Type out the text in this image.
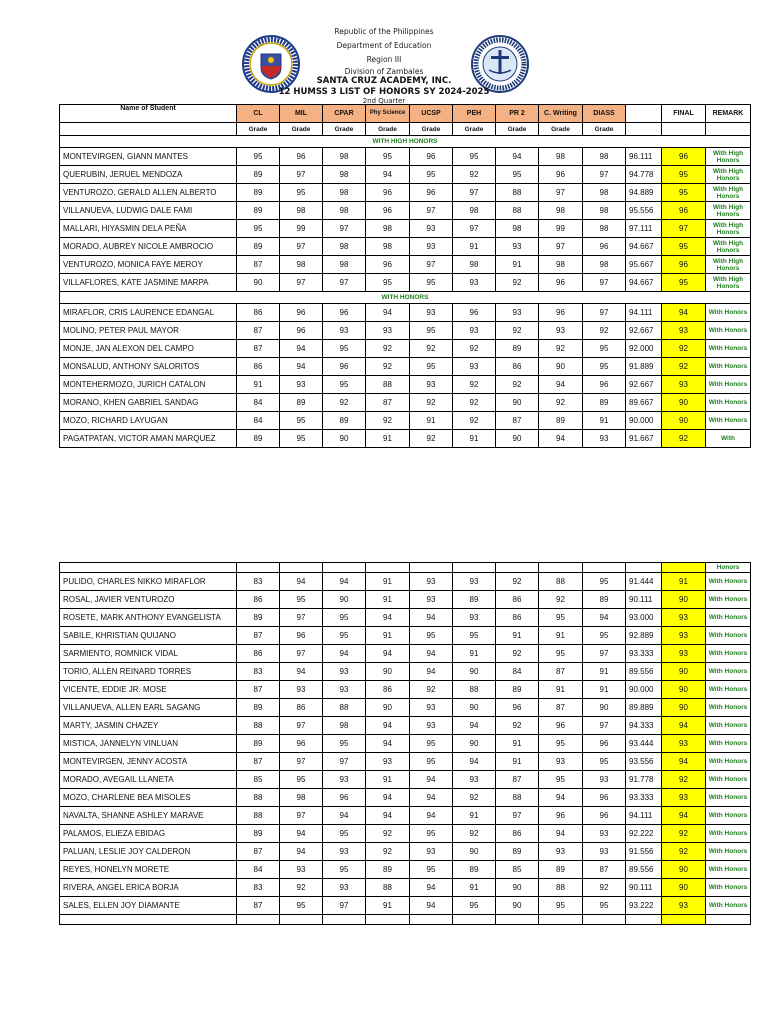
Republic of the Philippines
Department of Education
Region III
Division of Zambales
SANTA CRUZ ACADEMY, INC.
12 HUMSS 3 LIST OF HONORS SY 2024-2025
2nd Quarter
Name of Student	CL	MIL	CPAR	Phy Science	UCSP	PEH	PR 2	C. Writing	DIASS		FINAL	REMARK
	Grade	Grade	Grade	Grade	Grade	Grade	Grade	Grade	Grade			
WITH HIGH HONORS												
MONTEVIRGEN, GIANN MANTES	95	96	98	95	96	95	94	98	98	96.111	96	With High Honors
QUERUBIN, JERUEL MENDOZA	89	97	98	94	95	92	95	96	97	94.778	95	With High Honors
VENTUROZO, GERALD ALLEN ALBERTO	89	95	98	96	96	97	88	97	98	94.889	95	With High Honors
VILLANUEVA, LUDWIG DALE FAMI	89	98	98	96	97	98	88	98	98	95.556	96	With High Honors
MALLARI, HIYASMIN DELA PEÑA	95	99	97	98	93	97	98	99	98	97.111	97	With High Honors
MORADO, AUBREY NICOLE AMBROCIO	89	97	98	98	93	91	93	97	96	94.667	95	With High Honors
VENTUROZO, MONICA FAYE MEROY	87	98	98	96	97	98	91	98	98	95.667	96	With High Honors
VILLAFLORES, KATE JASMINE MARPA	90	97	97	95	95	93	92	96	97	94.667	95	With High Honors
WITH HONORS												
MIRAFLOR, CRIS LAURENCE EDANGAL	86	96	96	94	93	96	93	96	97	94.111	94	With Honors
MOLINO, PETER PAUL MAYOR	87	96	93	93	95	93	92	93	92	92.667	93	With Honors
MONJE, JAN ALEXON DEL CAMPO	87	94	95	92	92	92	89	92	95	92.000	92	With Honors
MONSALUD, ANTHONY SALORITOS	86	94	96	92	95	93	86	90	95	91.889	92	With Honors
MONTEHERMOZO, JURICH CATALON	91	93	95	88	93	92	92	94	96	92.667	93	With Honors
MORANO, KHEN GABRIEL SANDAG	84	89	92	87	92	92	90	92	89	89.667	90	With Honors
MOZO, RICHARD LAYUGAN	84	95	89	92	91	92	87	89	91	90.000	90	With Honors
PAGATPATAN, VICTOR AMAN MARQUEZ	89	95	90	91	92	91	90	94	93	91.667	92	With
												Honors
PULIDO, CHARLES NIKKO MIRAFLOR	83	94	94	91	93	93	92	88	95	91.444	91	With Honors
ROSAL, JAVIER VENTUROZO	86	95	90	91	93	89	86	92	89	90.111	90	With Honors
ROSETE, MARK ANTHONY EVANGELISTA	89	97	95	94	94	93	86	95	94	93.000	93	With Honors
SABILE, KHRISTIAN QUIJANO	87	96	95	91	95	95	91	91	95	92.889	93	With Honors
SARMIENTO, ROMNICK VIDAL	86	97	94	94	94	91	92	95	97	93.333	93	With Honors
TORIO, ALLEN REINARD TORRES	83	94	93	90	94	90	84	87	91	89.556	90	With Honors
VICENTE, EDDIE JR. MOSE	87	93	93	86	92	88	89	91	91	90.000	90	With Honors
VILLANUEVA, ALLEN EARL SAGANG	89	86	88	90	93	90	96	87	90	89.889	90	With Honors
MARTY, JASMIN CHAZEY	88	97	98	94	93	94	92	96	97	94.333	94	With Honors
MISTICA, JANNELYN VINLUAN	89	96	95	94	95	90	91	95	96	93.444	93	With Honors
MONTEVIRGEN, JENNY ACOSTA	87	97	97	93	95	94	91	93	95	93.556	94	With Honors
MORADO, AVEGAIL LLANETA	85	95	93	91	94	93	87	95	93	91.778	92	With Honors
MOZO, CHARLENE BEA MISOLES	88	98	96	94	94	92	88	94	96	93.333	93	With Honors
NAVALTA, SHANNE ASHLEY MARAVE	88	97	94	94	94	91	97	96	96	94.111	94	With Honors
PALAMOS, ELIEZA EBIDAG	89	94	95	92	95	92	86	94	93	92.222	92	With Honors
PALUAN, LESLIE JOY CALDERON	87	94	93	92	93	90	89	93	93	91.556	92	With Honors
REYES, HONELYN MORETE	84	93	95	89	95	89	85	89	87	89.556	90	With Honors
RIVERA, ANGEL ERICA BORJA	83	92	93	88	94	91	90	88	92	90.111	90	With Honors
SALES, ELLEN JOY DIAMANTE	87	95	97	91	94	95	90	95	95	93.222	93	With Honors
